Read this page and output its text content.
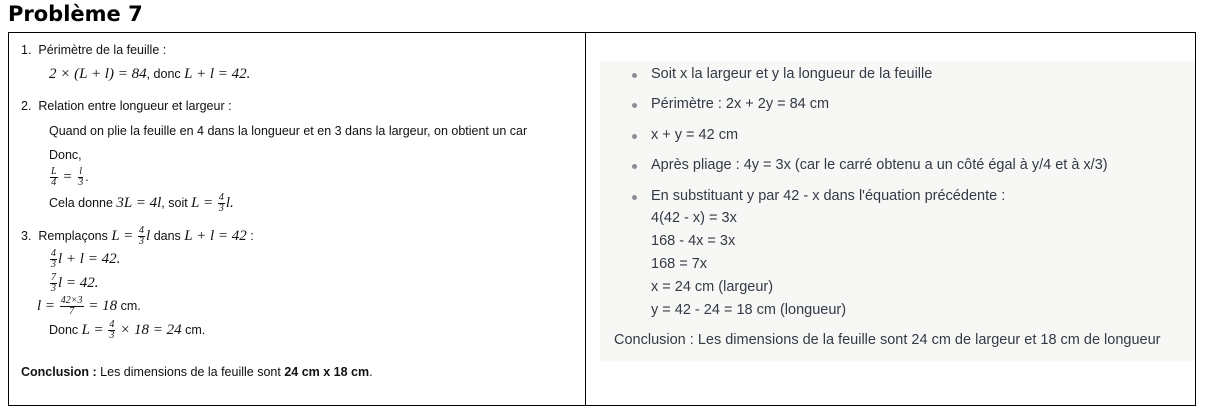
Problème 7
1. Périmètre de la feuille :
2 × (L + l) = 84, donc L + l = 42.
2. Relation entre longueur et largeur :
Quand on plie la feuille en 4 dans la longueur et en 3 dans la largeur, on obtient un car
Donc,
$\frac{L}{4} = \frac{l}{3}$ .
Cela donne 3L = 4l, soit $L = \frac{4}{3} l$.
3. Remplaçons $L = \frac{4}{3}$ l dans L + l = 42 :
$\frac{4}{3}$ l + l = 42.
$\frac{7}{3}$ l = 42.
$l = \frac{42\times 3}{7} = 18$ cm.
Donc $L = \frac{4}{3} \times 18 = 24$ cm.
Conclusion : Les dimensions de la feuille sont 24 cm x 18 cm.
Soit x la largeur et y la longueur de la feuille
Périmètre : 2x + 2y = 84 cm
x + y = 42 cm
Après pliage : 4y = 3x (car le carré obtenu a un côté égal à y/4 et à x/3)
En substituant y par 42 - x dans l'équation précédente :
4(42 - x) = 3x
168 - 4x = 3x
168 = 7x
x = 24 cm (largeur)
y = 42 - 24 = 18 cm (longueur)
Conclusion : Les dimensions de la feuille sont 24 cm de largeur et 18 cm de longueur
